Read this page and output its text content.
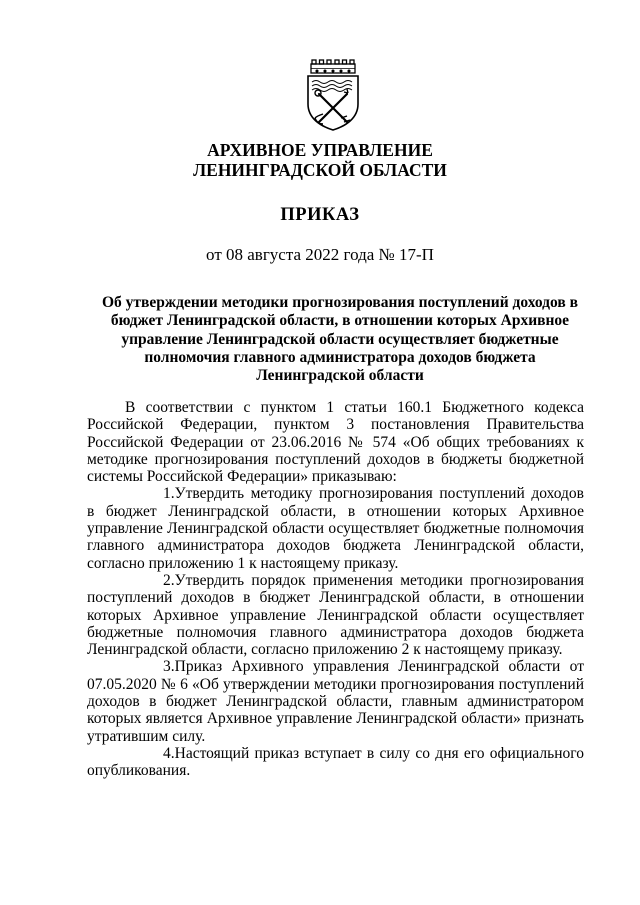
АРХИВНОЕ УПРАВЛЕНИЕ
ЛЕНИНГРАДСКОЙ ОБЛАСТИ
ПРИКАЗ
от 08 августа 2022 года № 17-П
Об утверждении методики прогнозирования поступлений доходов в бюджет Ленинградской области, в отношении которых Архивное управление Ленинградской области осуществляет бюджетные полномочия главного администратора доходов бюджета Ленинградской области

В соответствии с пунктом 1 статьи 160.1 Бюджетного кодекса Российской Федерации, пунктом 3 постановления Правительства Российской Федерации от 23.06.2016 № 574 «Об общих требованиях к методике прогнозирования поступлений доходов в бюджеты бюджетной системы Российской Федерации» приказываю:

1.Утвердить методику прогнозирования поступлений доходов в бюджет Ленинградской области, в отношении которых Архивное управление Ленинградской области осуществляет бюджетные полномочия главного администратора доходов бюджета Ленинградской области, согласно приложению 1 к настоящему приказу.

2.Утвердить порядок применения методики прогнозирования поступлений доходов в бюджет Ленинградской области, в отношении которых Архивное управление Ленинградской области осуществляет бюджетные полномочия главного администратора доходов бюджета Ленинградской области, согласно приложению 2 к настоящему приказу.

3.Приказ Архивного управления Ленинградской области от 07.05.2020 № 6 «Об утверждении методики прогнозирования поступлений доходов в бюджет Ленинградской области, главным администратором которых является Архивное управление Ленинградской области» признать утратившим силу.

4.Настоящий приказ вступает в силу со дня его официального опубликования.
